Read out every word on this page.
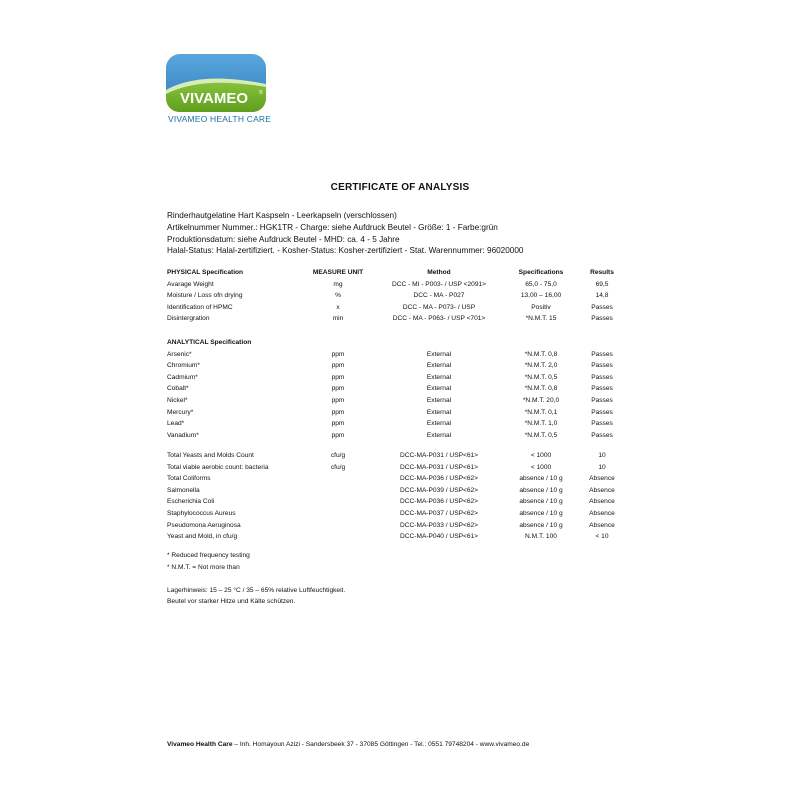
VIVAMEO ®
VIVAMEO HEALTH CARE
CERTIFICATE OF ANALYSIS
Rinderhautgelatine Hart Kaspseln - Leerkapseln (verschlossen)
Artikelnummer Nummer.: HGK1TR - Charge: siehe Aufdruck Beutel - Größe: 1 - Farbe:grün
Produktionsdatum: siehe Aufdruck Beutel - MHD: ca. 4 - 5 Jahre
Halal-Status: Halal-zertifiziert. - Kosher-Status: Kosher-zertifiziert - Stat. Warennummer: 96020000
PHYSICAL Specification	MEASURE UNIT	Method	Specifications	Results
Avarage Weight	mg	DCC - MI - P003- / USP <2091>	65,0 - 75,0	69,5
Moisture / Loss ofn drying	%	DCC - MA - P027	13,00 – 16,00	14,8
Identification of HPMC	x	DCC - MA - P073- / USP	Positiv	Passes
Disintergration	min	DCC - MA - P063- / USP <701>	*N.M.T. 15	Passes
ANALYTICAL Specification				
Arsenic*	ppm	External	*N.M.T. 0,8	Passes
Chromium*	ppm	External	*N.M.T. 2,0	Passes
Cadmium*	ppm	External	*N.M.T. 0,5	Passes
Cobalt*	ppm	External	*N.M.T. 0,8	Passes
Nickel*	ppm	External	*N.M.T. 20,0	Passes
Mercury*	ppm	External	*N.M.T. 0,1	Passes
Lead*	ppm	External	*N.M.T. 1,0	Passes
Vanadium*	ppm	External	*N.M.T. 0,5	Passes
Total Yeasts and Molds Count	cfu/g	DCC-MA-P031 / USP<61>	< 1000	10
Total viable aerobic count: bacteria	cfu/g	DCC-MA-P031 / USP<61>	< 1000	10
Total Coliforms		DCC-MA-P036 / USP<62>	absence / 10 g	Absence
Salmonella		DCC-MA-P039 / USP<62>	absence / 10 g	Absence
Escherichia Coli		DCC-MA-P036 / USP<62>	absence / 10 g	Absence
Staphylococcus Aureus		DCC-MA-P037 / USP<62>	absence / 10 g	Absence
Pseudomona Aeruginosa		DCC-MA-P033 / USP<62>	absence / 10 g	Absence
Yeast and Mold, in cfu/g		DCC-MA-P040 / USP<61>	N.M.T. 100	< 10
* Reduced frequency testing
* N.M.T. = Not more than
Lagerhinweis: 15 – 25 °C / 35 – 65% relative Luftfeuchtigkeit.
Beutel vor starker Hitze und Kälte schützen.
Vivameo Health Care – Inh. Homayoun Azizi - Sandersbeek 37 - 37085 Göttingen - Tel.: 0551 79748204 - www.vivameo.de
